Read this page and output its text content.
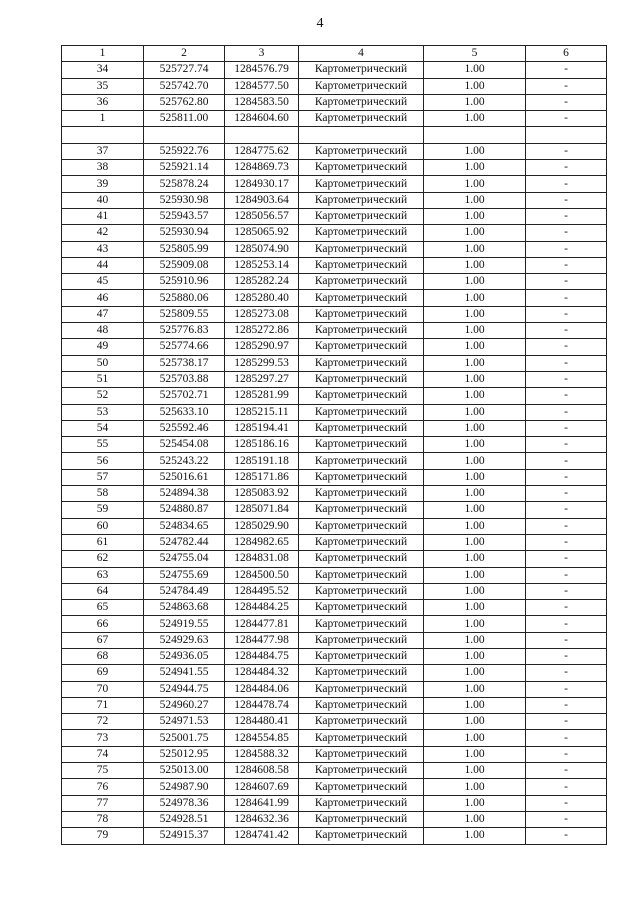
4
1	2	3	4	5	6
34	525727.74	1284576.79	Картометрический	1.00	-
35	525742.70	1284577.50	Картометрический	1.00	-
36	525762.80	1284583.50	Картометрический	1.00	-
1	525811.00	1284604.60	Картометрический	1.00	-

37	525922.76	1284775.62	Картометрический	1.00	-
38	525921.14	1284869.73	Картометрический	1.00	-
39	525878.24	1284930.17	Картометрический	1.00	-
40	525930.98	1284903.64	Картометрический	1.00	-
41	525943.57	1285056.57	Картометрический	1.00	-
42	525930.94	1285065.92	Картометрический	1.00	-
43	525805.99	1285074.90	Картометрический	1.00	-
44	525909.08	1285253.14	Картометрический	1.00	-
45	525910.96	1285282.24	Картометрический	1.00	-
46	525880.06	1285280.40	Картометрический	1.00	-
47	525809.55	1285273.08	Картометрический	1.00	-
48	525776.83	1285272.86	Картометрический	1.00	-
49	525774.66	1285290.97	Картометрический	1.00	-
50	525738.17	1285299.53	Картометрический	1.00	-
51	525703.88	1285297.27	Картометрический	1.00	-
52	525702.71	1285281.99	Картометрический	1.00	-
53	525633.10	1285215.11	Картометрический	1.00	-
54	525592.46	1285194.41	Картометрический	1.00	-
55	525454.08	1285186.16	Картометрический	1.00	-
56	525243.22	1285191.18	Картометрический	1.00	-
57	525016.61	1285171.86	Картометрический	1.00	-
58	524894.38	1285083.92	Картометрический	1.00	-
59	524880.87	1285071.84	Картометрический	1.00	-
60	524834.65	1285029.90	Картометрический	1.00	-
61	524782.44	1284982.65	Картометрический	1.00	-
62	524755.04	1284831.08	Картометрический	1.00	-
63	524755.69	1284500.50	Картометрический	1.00	-
64	524784.49	1284495.52	Картометрический	1.00	-
65	524863.68	1284484.25	Картометрический	1.00	-
66	524919.55	1284477.81	Картометрический	1.00	-
67	524929.63	1284477.98	Картометрический	1.00	-
68	524936.05	1284484.75	Картометрический	1.00	-
69	524941.55	1284484.32	Картометрический	1.00	-
70	524944.75	1284484.06	Картометрический	1.00	-
71	524960.27	1284478.74	Картометрический	1.00	-
72	524971.53	1284480.41	Картометрический	1.00	-
73	525001.75	1284554.85	Картометрический	1.00	-
74	525012.95	1284588.32	Картометрический	1.00	-
75	525013.00	1284608.58	Картометрический	1.00	-
76	524987.90	1284607.69	Картометрический	1.00	-
77	524978.36	1284641.99	Картометрический	1.00	-
78	524928.51	1284632.36	Картометрический	1.00	-
79	524915.37	1284741.42	Картометрический	1.00	-
